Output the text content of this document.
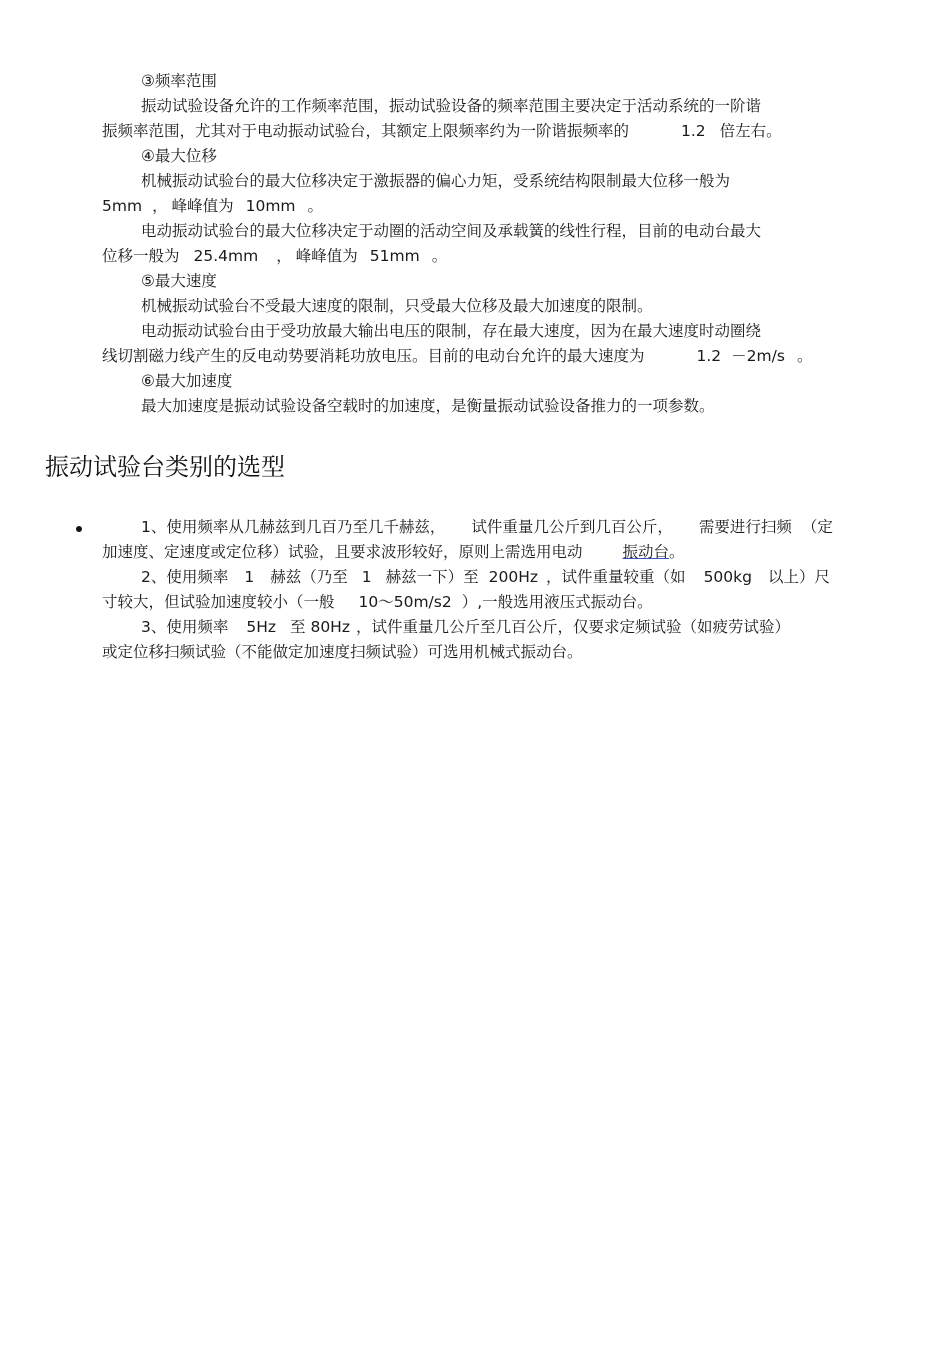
③频率范围
振动试验设备允许的工作频率范围，振动试验设备的频率范围主要决定于活动系统的一阶谐
振频率范围，尤其对于电动振动试验台，其额定上限频率约为一阶谐振频率的	1.2 倍左右。
④最大位移
机械振动试验台的最大位移决定于激振器的偏心力矩，受系统结构限制最大位移一般为
5mm ， 峰峰值为 10mm 。
电动振动试验台的最大位移决定于动圈的活动空间及承载簧的线性行程，目前的电动台最大
位移一般为 25.4mm ， 峰峰值为 51mm 。
⑤最大速度
机械振动试验台不受最大速度的限制，只受最大位移及最大加速度的限制。
电动振动试验台由于受功放最大输出电压的限制，存在最大速度，因为在最大速度时动圈绕
线切割磁力线产生的反电动势要消耗功放电压。目前的电动台允许的最大速度为	1.2 －2m/s 。
⑥最大加速度
最大加速度是振动试验设备空载时的加速度，是衡量振动试验设备推力的一项参数。
振动试验台类别的选型
1、使用频率从几赫兹到几百乃至几千赫兹， 试件重量几公斤到几百公斤， 需要进行扫频 （定
加速度、定速度或定位移）试验，且要求波形较好，原则上需选用电动	振动台。
2、使用频率 1 赫兹（乃至 1 赫兹一下）至 200Hz ，试件重量较重（如 500kg 以上）尺
寸较大，但试验加速度较小（一般 10～50m/s2 ）,一般选用液压式振动台。
3、使用频率 5Hz 至 80Hz ，试件重量几公斤至几百公斤，仅要求定频试验（如疲劳试验）
或定位移扫频试验（不能做定加速度扫频试验）可选用机械式振动台。
